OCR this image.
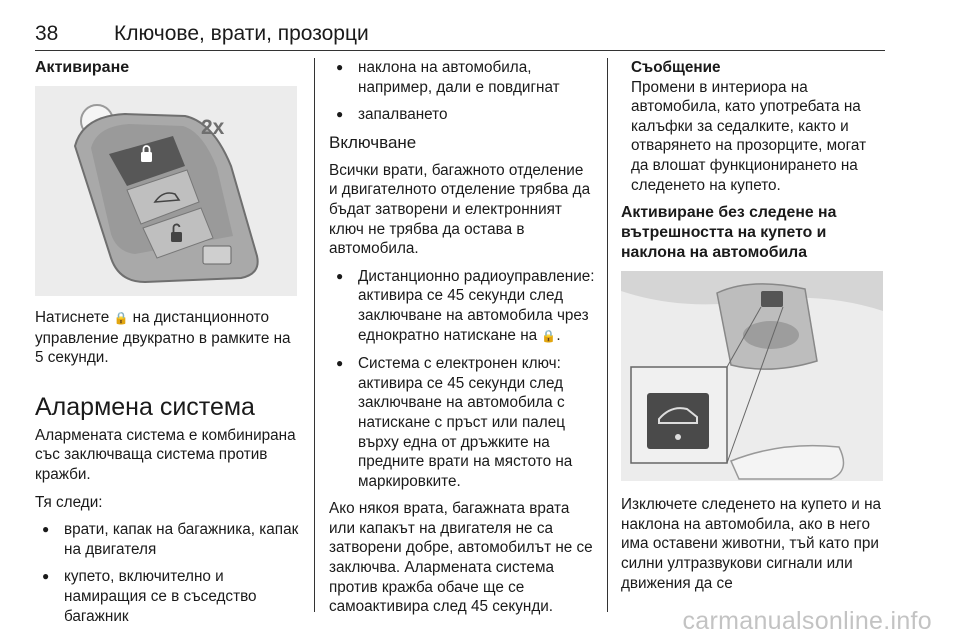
38	Ключове, врати, прозорци
Активиране
2x

Натиснете 🔒 на дистанционното управление двукратно в рамките на 5 секунди.

Алармена система

Алармената система е комбинирана със заключваща система против кражби.

Тя следи:

● врати, капак на багажника, капак на двигателя
● купето, включително и намиращия се в съседство багажник
● наклона на автомобила, например, дали е повдигнат
● запалването
Включване

Всички врати, багажното отделение и двигателното отделение трябва да бъдат затворени и електронният ключ не трябва да остава в автомобила.

● Дистанционно радиоуправление: активира се 45 секунди след заключване на автомобила чрез еднократно натискане на 🔒.
● Система с електронен ключ: активира се 45 секунди след заключване на автомобила с натискане с пръст или палец върху една от дръжките на предните врати на мястото на маркировките.

Ако някоя врата, багажната врата или капакът на двигателя не са затворени добре, автомобилът не се заключва. Алармената система против кражба обаче ще се самоактивира след 45 секунди.

Съобщение

Промени в интериора на автомобила, като употребата на калъфки за седалките, както и отварянето на прозорците, могат да влошат функционирането на следенето на купето.

Активиране без следене на вътрешността на купето и наклона на автомобила

Изключете следенето на купето и на наклона на автомобила, ако в него има оставени животни, тъй като при силни ултразвукови сигнали или движения да се

carmanualsonline.info
